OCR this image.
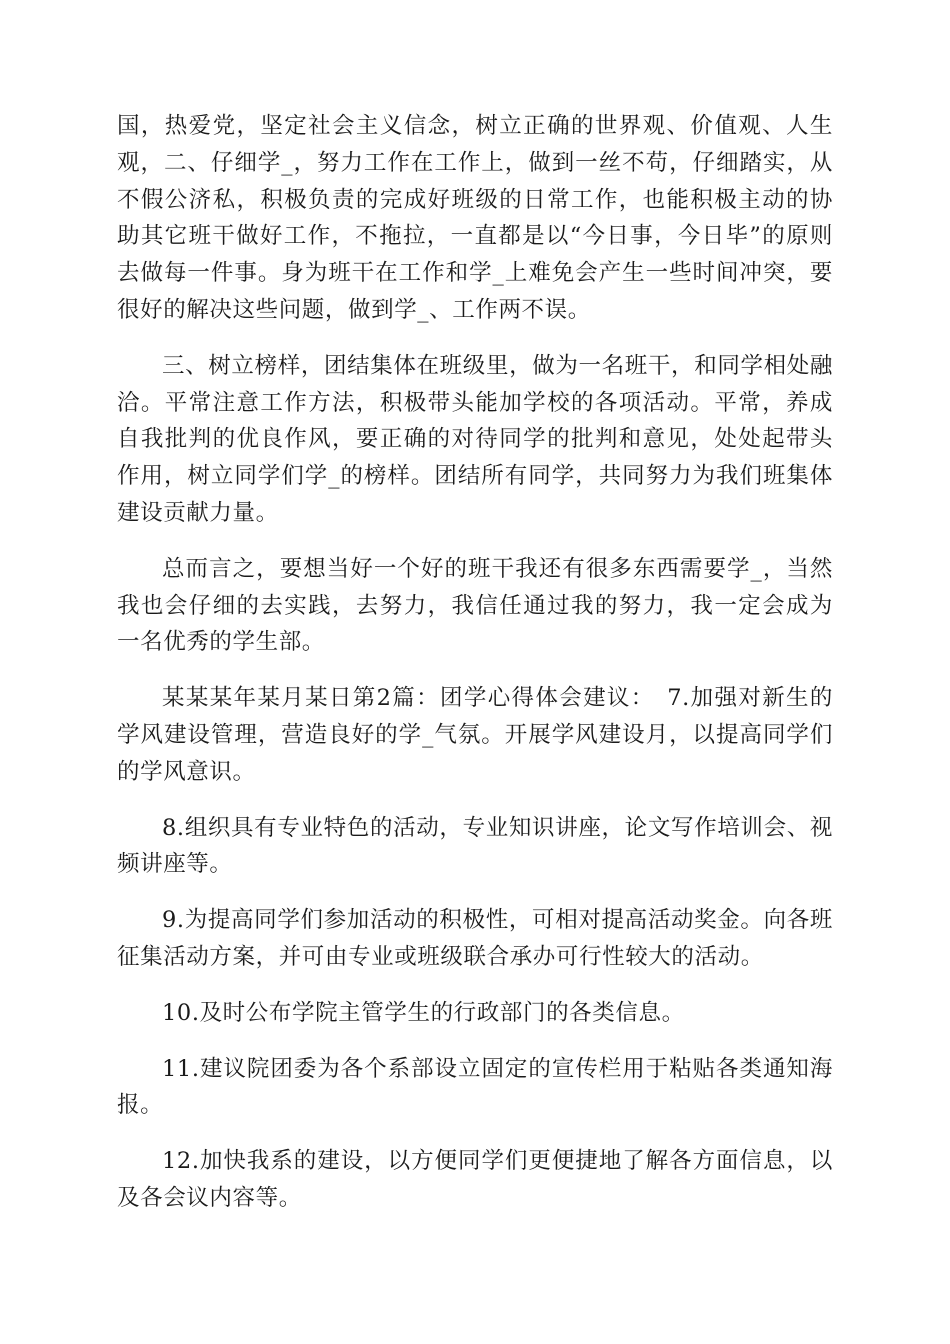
国，热爱党，坚定社会主义信念，树立正确的世界观、价值观、人生观，二、仔细学_，努力工作在工作上，做到一丝不苟，仔细踏实，从不假公济私，积极负责的完成好班级的日常工作，也能积极主动的协助其它班干做好工作，不拖拉，一直都是以“今日事，今日毕”的原则去做每一件事。身为班干在工作和学_上难免会产生一些时间冲突，要很好的解决这些问题，做到学_、工作两不误。

三、树立榜样，团结集体在班级里，做为一名班干，和同学相处融洽。平常注意工作方法，积极带头能加学校的各项活动。平常，养成自我批判的优良作风，要正确的对待同学的批判和意见，处处起带头作用，树立同学们学_的榜样。团结所有同学，共同努力为我们班集体建设贡献力量。

总而言之，要想当好一个好的班干我还有很多东西需要学_，当然我也会仔细的去实践，去努力，我信任通过我的努力，我一定会成为一名优秀的学生部。

某某某年某月某日第2篇：团学心得体会建议：　7.加强对新生的学风建设管理，营造良好的学_气氛。开展学风建设月，以提高同学们的学风意识。

8.组织具有专业特色的活动，专业知识讲座，论文写作培训会、视频讲座等。

9.为提高同学们参加活动的积极性，可相对提高活动奖金。向各班征集活动方案，并可由专业或班级联合承办可行性较大的活动。

10.及时公布学院主管学生的行政部门的各类信息。

11.建议院团委为各个系部设立固定的宣传栏用于粘贴各类通知海报。

12.加快我系的建设，以方便同学们更便捷地了解各方面信息，以及各会议内容等。
